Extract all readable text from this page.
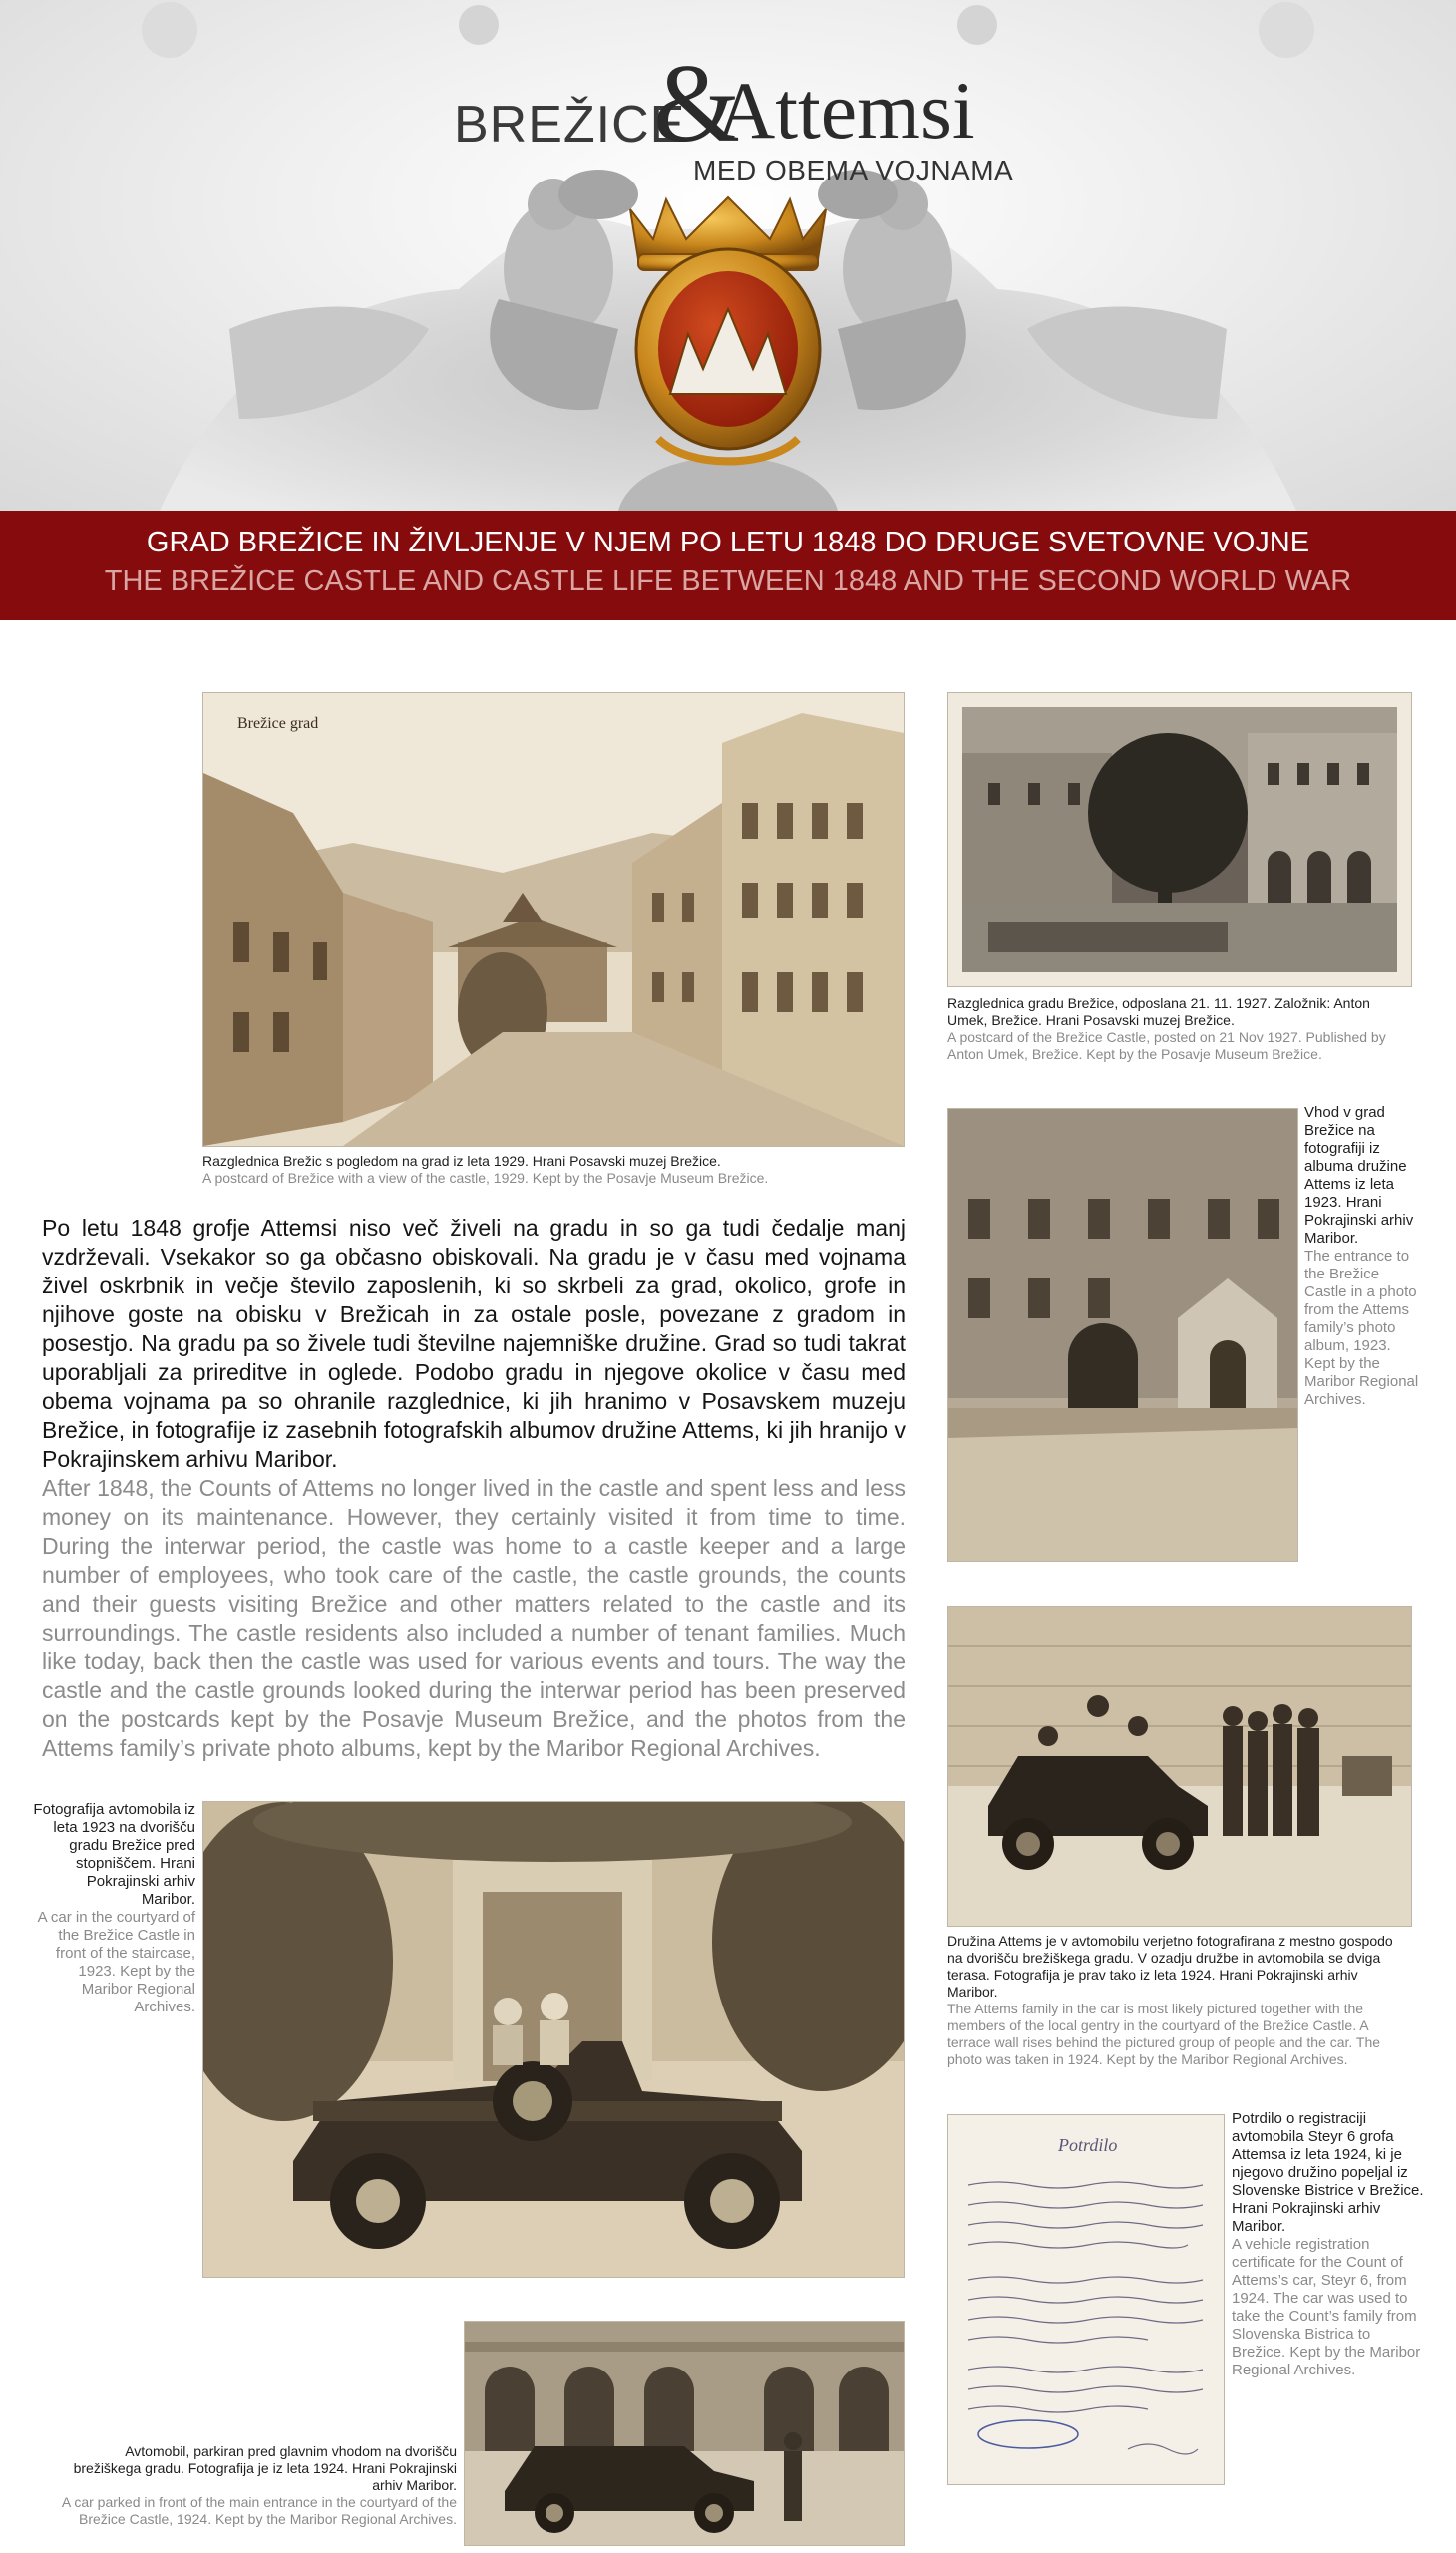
BREŽICE
&
Attemsi
MED OBEMA VOJNAMA
GRAD BREŽICE IN ŽIVLJENJE V NJEM PO LETU 1848 DO DRUGE SVETOVNE VOJNE
THE BREŽICE CASTLE AND CASTLE LIFE BETWEEN 1848 AND THE SECOND WORLD WAR
Brežice grad
Razglednica Brežic s pogledom na grad iz leta 1929. Hrani Posavski muzej Brežice.
A postcard of Brežice with a view of the castle, 1929. Kept by the Posavje Museum Brežice.
Razglednica gradu Brežice, odposlana 21. 11. 1927. Založnik: Anton Umek, Brežice. Hrani Posavski muzej Brežice.
A postcard of the Brežice Castle, posted on 21 Nov 1927. Published by Anton Umek, Brežice. Kept by the Posavje Museum Brežice.
Vhod v grad Brežice na fotografiji iz albuma družine Attems iz leta 1923. Hrani Pokrajinski arhiv Maribor.
The entrance to the Brežice Castle in a photo from the Attems family’s photo album, 1923. Kept by the Maribor Regional Archives.
Družina Attems je v avtomobilu verjetno fotografirana z mestno gospodo na dvorišču brežiškega gradu. V ozadju družbe in avtomobila se dviga terasa. Fotografija je prav tako iz leta 1924. Hrani Pokrajinski arhiv Maribor.
The Attems family in the car is most likely pictured together with the members of the local gentry in the courtyard of the Brežice Castle. A terrace wall rises behind the pictured group of people and the car. The photo was taken in 1924. Kept by the Maribor Regional Archives.
Po letu 1848 grofje Attemsi niso več živeli na gradu in so ga tudi čedalje manj vzdrževali. Vsekakor so ga občasno obiskovali. Na gradu je v času med vojnama živel oskrbnik in večje število zaposlenih, ki so skrbeli za grad, okolico, grofe in njihove goste na obisku v Brežicah in za ostale posle, povezane z gradom in posestjo. Na gradu pa so živele tudi številne najemniške družine. Grad so tudi takrat uporabljali za prireditve in oglede. Podobo gradu in njegove okolice v času med obema vojnama pa so ohranile razglednice, ki jih hranimo v Posavskem muzeju Brežice, in fotografije iz zasebnih fotografskih albumov družine Attems, ki jih hranijo v Pokrajinskem arhivu Maribor.
After 1848, the Counts of Attems no longer lived in the castle and spent less and less money on its maintenance. However, they certainly visited it from time to time. During the interwar period, the castle was home to a castle keeper and a large number of employees, who took care of the castle, the castle grounds, the counts and their guests visiting Brežice and other matters related to the castle and its surroundings. The castle residents also included a number of tenant families. Much like today, back then the castle was used for various events and tours. The way the castle and the castle grounds looked during the interwar period has been preserved on the postcards kept by the Posavje Museum Brežice, and the photos from the Attems family’s private photo albums, kept by the Maribor Regional Archives.
Fotografija avtomobila iz leta 1923 na dvorišču gradu Brežice pred stopniščem. Hrani Pokrajinski arhiv Maribor.
A car in the courtyard of the Brežice Castle in front of the staircase, 1923. Kept by the Maribor Regional Archives.
Potrdilo
Potrdilo o registraciji avtomobila Steyr 6 grofa Attemsa iz leta 1924, ki je njegovo družino popeljal iz Slovenske Bistrice v Brežice. Hrani Pokrajinski arhiv Maribor.
A vehicle registration certificate for the Count of Attems’s car, Steyr 6, from 1924. The car was used to take the Count’s family from Slovenska Bistrica to Brežice. Kept by the Maribor Regional Archives.
Avtomobil, parkiran pred glavnim vhodom na dvorišču brežiškega gradu. Fotografija je iz leta 1924. Hrani Pokrajinski arhiv Maribor.
A car parked in front of the main entrance in the courtyard of the Brežice Castle, 1924. Kept by the Maribor Regional Archives.
